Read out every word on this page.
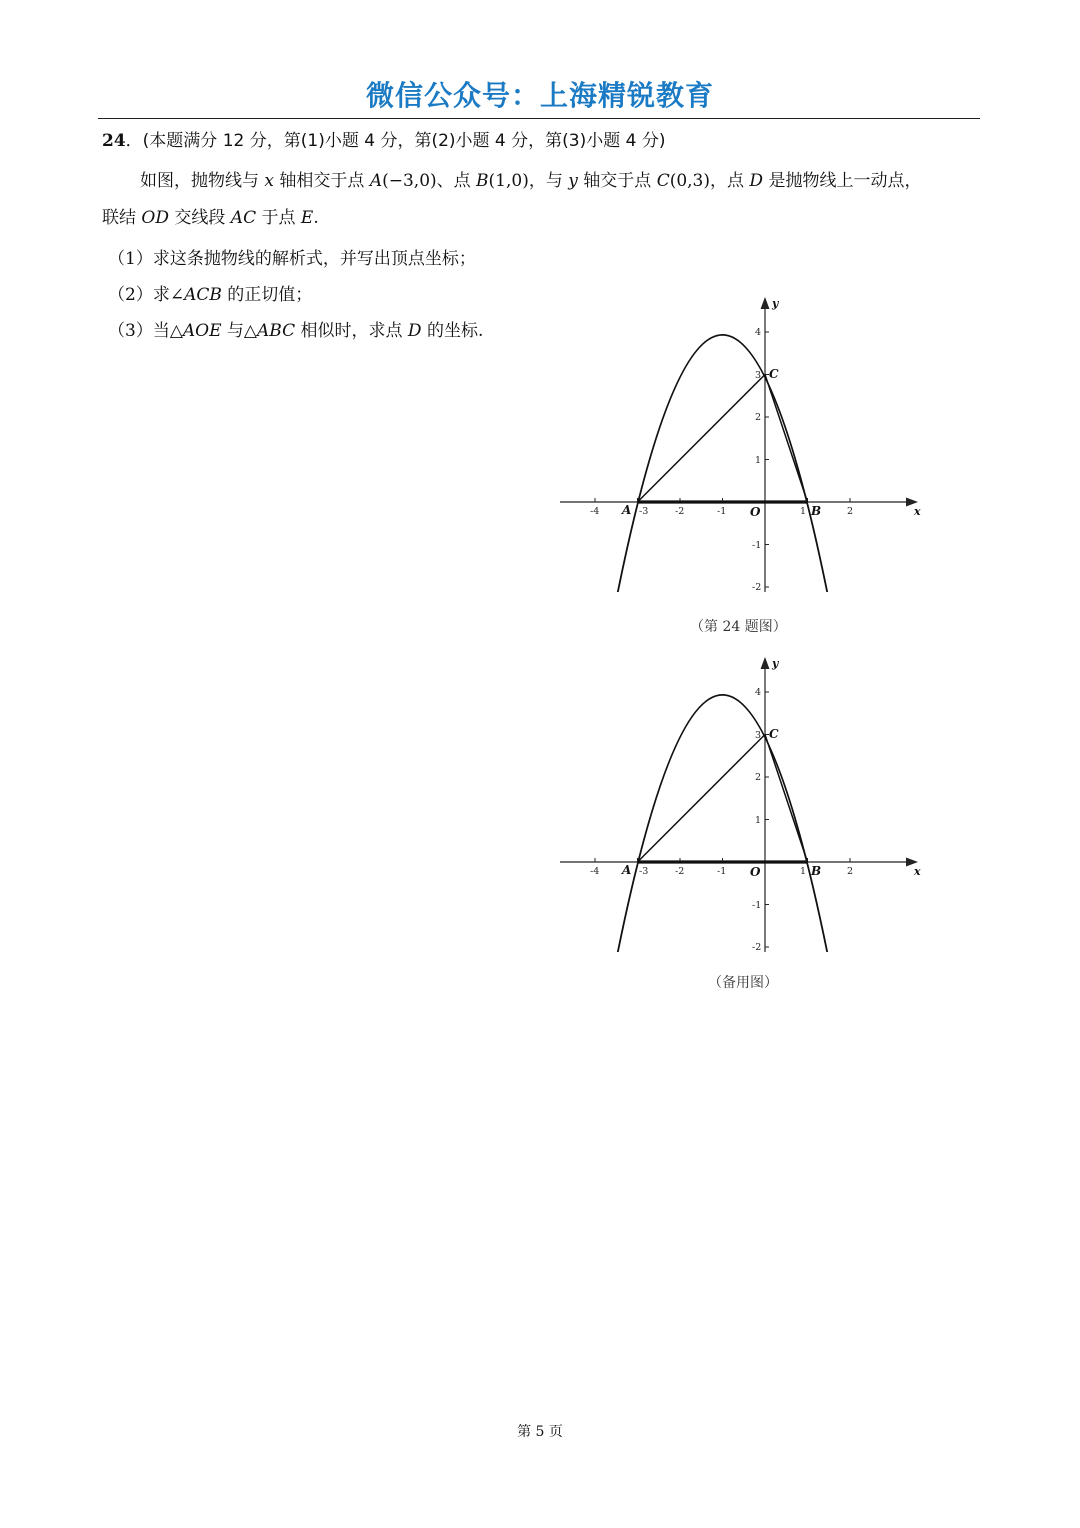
微信公众号：上海精锐教育
24．(本题满分 12 分，第(1)小题 4 分，第(2)小题 4 分，第(3)小题 4 分)

如图，抛物线与 x 轴相交于点 A(−3,0)、点 B(1,0)，与 y 轴交于点 C(0,3)，点 D 是抛物线上一动点，

联结 OD 交线段 AC 于点 E.

（1）求这条抛物线的解析式，并写出顶点坐标；
（2）求∠ACB 的正切值；
（3）当△AOE 与△ABC 相似时，求点 D 的坐标.
-4	-3	-2	-1	1	2
4
3
2
1
-1
-2
A	B
C
O	x
y
（第 24 题图）
-4	-3	-2	-1	1	2
4
3
2
1
-1
-2
A	B
C
O	x
y
（备用图）
第 5 页
